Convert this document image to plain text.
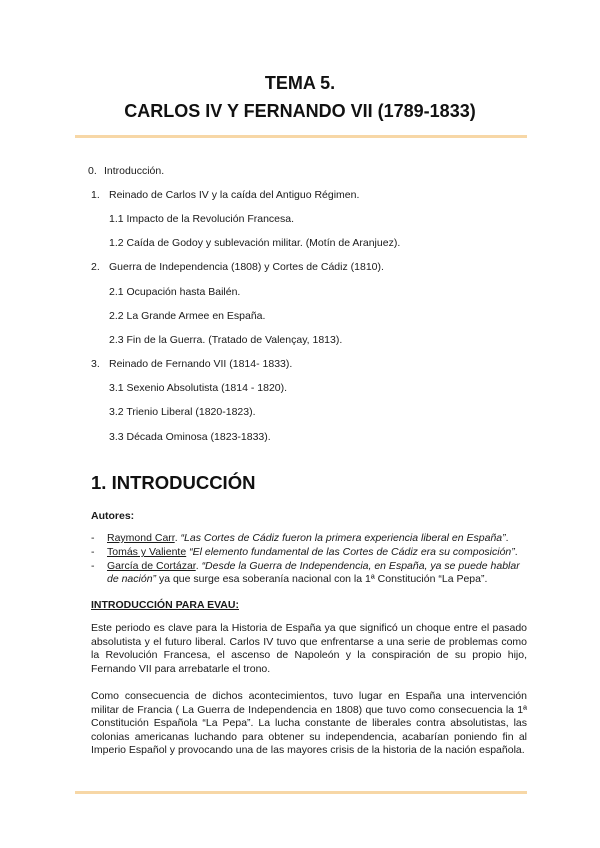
TEMA 5.
CARLOS IV Y FERNANDO VII (1789-1833)
0. Introducción.
1. Reinado de Carlos IV y la caída del Antiguo Régimen.
1.1 Impacto de la Revolución Francesa.
1.2 Caída de Godoy y sublevación militar. (Motín de Aranjuez).
2. Guerra de Independencia (1808) y Cortes de Cádiz (1810).
2.1 Ocupación hasta Bailén.
2.2 La Grande Armee en España.
2.3 Fin de la Guerra. (Tratado de Valençay, 1813).
3. Reinado de Fernando VII (1814- 1833).
3.1 Sexenio Absolutista (1814 - 1820).
3.2 Trienio Liberal (1820-1823).
3.3 Década Ominosa (1823-1833).
1. INTRODUCCIÓN
Autores:
- Raymond Carr. “Las Cortes de Cádiz fueron la primera experiencia liberal en España”.
- Tomás y Valiente “El elemento fundamental de las Cortes de Cádiz era su composición”.
- García de Cortázar. “Desde la Guerra de Independencia, en España, ya se puede hablar de nación” ya que surge esa soberanía nacional con la 1ª Constitución “La Pepa”.
INTRODUCCIÓN PARA EVAU:
Este periodo es clave para la Historia de España ya que significó un choque entre el pasado absolutista y el futuro liberal. Carlos IV tuvo que enfrentarse a una serie de problemas como la Revolución Francesa, el ascenso de Napoleón y la conspiración de su propio hijo, Fernando VII para arrebatarle el trono.
Como consecuencia de dichos acontecimientos, tuvo lugar en España una intervención militar de Francia ( La Guerra de Independencia en 1808) que tuvo como consecuencia la 1ª Constitución Española “La Pepa”. La lucha constante de liberales contra absolutistas, las colonias americanas luchando para obtener su independencia, acabarían poniendo fin al Imperio Español y provocando una de las mayores crisis de la historia de la nación española.
